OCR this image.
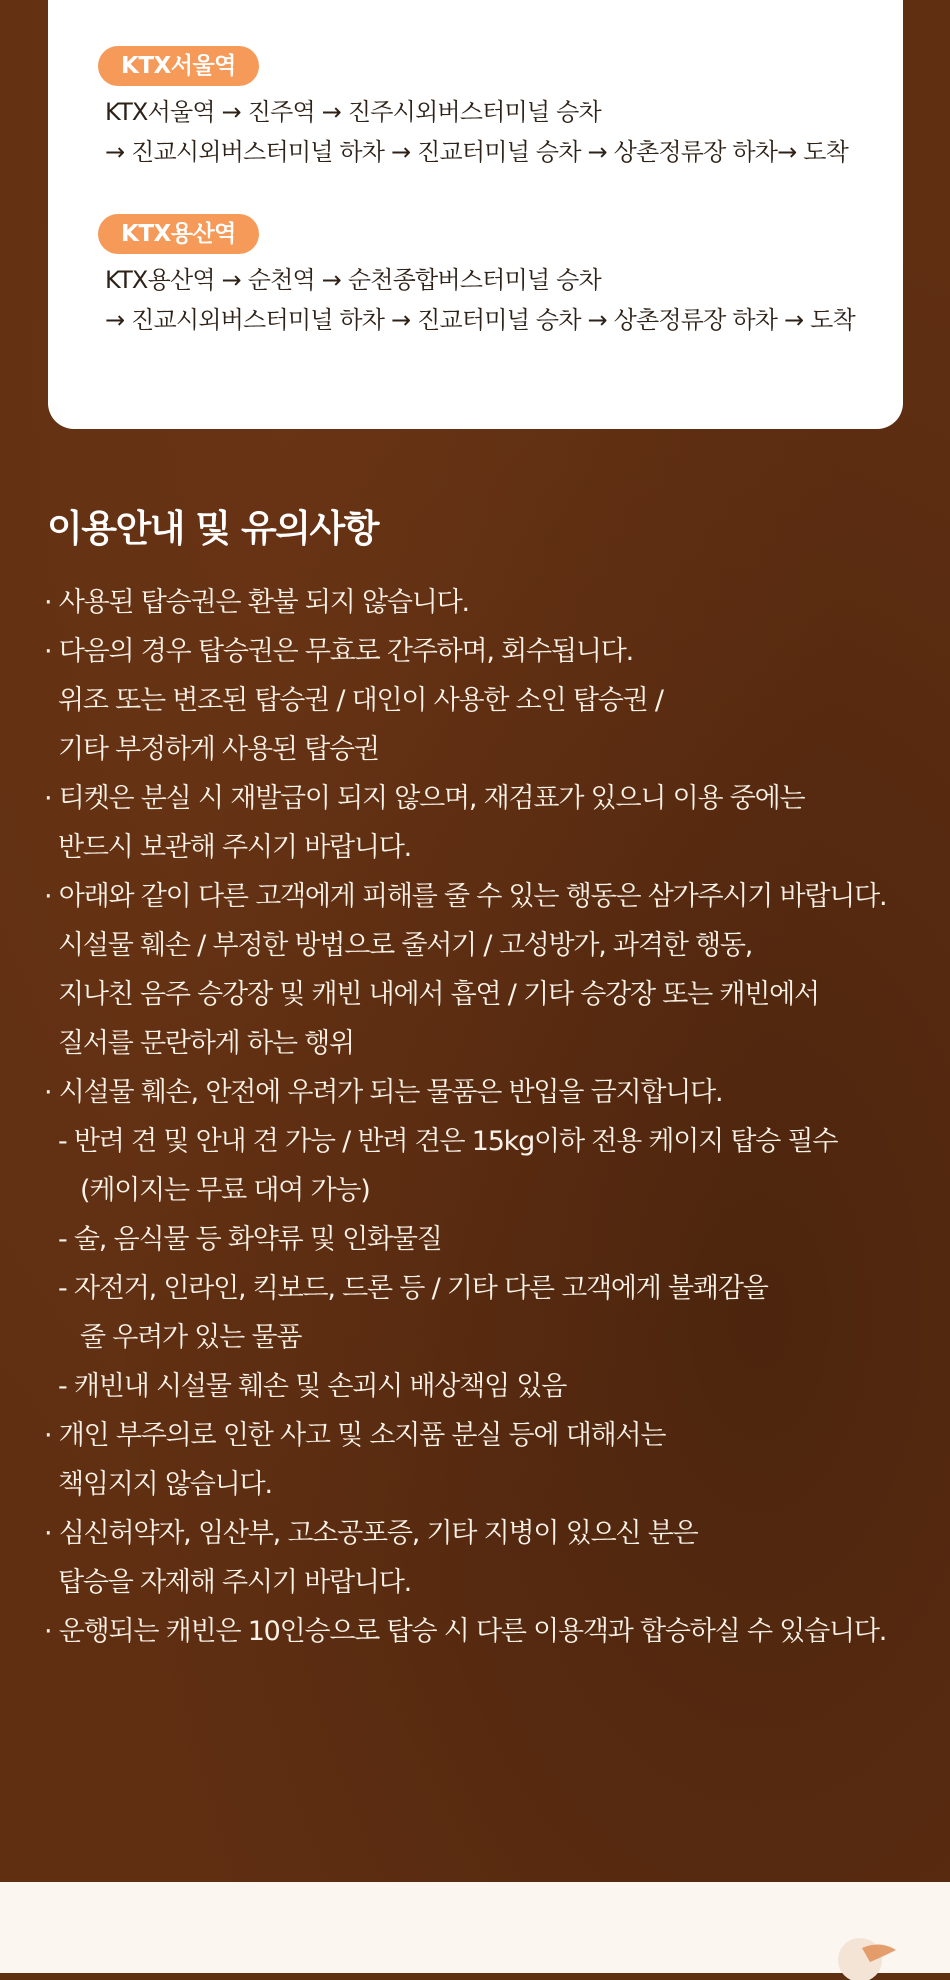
KTX서울역
KTX서울역 → 진주역 → 진주시외버스터미널 승차
→ 진교시외버스터미널 하차 → 진교터미널 승차 → 상촌정류장 하차→ 도착
KTX용산역
KTX용산역 → 순천역 → 순천종합버스터미널 승차
→ 진교시외버스터미널 하차 → 진교터미널 승차 → 상촌정류장 하차 → 도착
이용안내 및 유의사항
· 사용된 탑승권은 환불 되지 않습니다.
· 다음의 경우 탑승권은 무효로 간주하며, 회수됩니다.
위조 또는 변조된 탑승권 / 대인이 사용한 소인 탑승권 /
기타 부정하게 사용된 탑승권
· 티켓은 분실 시 재발급이 되지 않으며, 재검표가 있으니 이용 중에는
반드시 보관해 주시기 바랍니다.
· 아래와 같이 다른 고객에게 피해를 줄 수 있는 행동은 삼가주시기 바랍니다.
시설물 훼손 / 부정한 방법으로 줄서기 / 고성방가, 과격한 행동,
지나친 음주 승강장 및 캐빈 내에서 흡연 / 기타 승강장 또는 캐빈에서
질서를 문란하게 하는 행위
· 시설물 훼손, 안전에 우려가 되는 물품은 반입을 금지합니다.
- 반려 견 및 안내 견 가능 / 반려 견은 15kg이하 전용 케이지 탑승 필수
(케이지는 무료 대여 가능)
- 술, 음식물 등 화약류 및 인화물질
- 자전거, 인라인, 킥보드, 드론 등 / 기타 다른 고객에게 불쾌감을
줄 우려가 있는 물품
- 캐빈내 시설물 훼손 및 손괴시 배상책임 있음
· 개인 부주의로 인한 사고 및 소지품 분실 등에 대해서는
책임지지 않습니다.
· 심신허약자, 임산부, 고소공포증, 기타 지병이 있으신 분은
탑승을 자제해 주시기 바랍니다.
· 운행되는 캐빈은 10인승으로 탑승 시 다른 이용객과 합승하실 수 있습니다.
